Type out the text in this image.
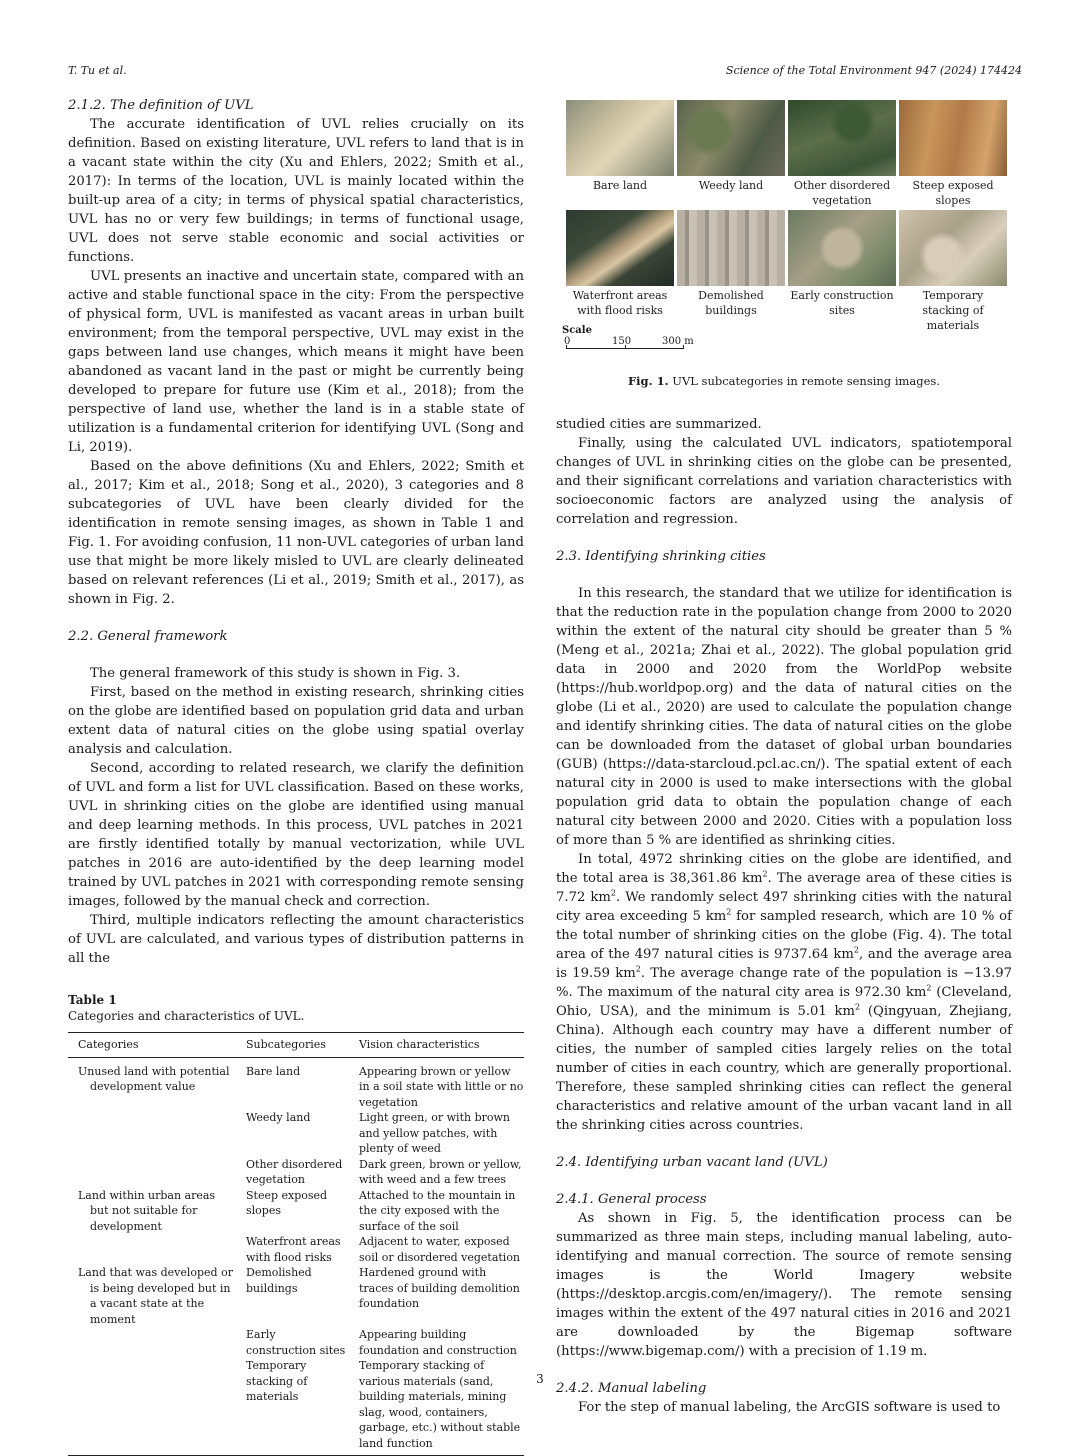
T. Tu et al.	Science of the Total Environment 947 (2024) 174424
2.1.2. The definition of UVL

The accurate identification of UVL relies crucially on its definition. Based on existing literature, UVL refers to land that is in a vacant state within the city (Xu and Ehlers, 2022; Smith et al., 2017): In terms of the location, UVL is mainly located within the built-up area of a city; in terms of physical spatial characteristics, UVL has no or very few buildings; in terms of functional usage, UVL does not serve stable economic and social activities or functions.

UVL presents an inactive and uncertain state, compared with an active and stable functional space in the city: From the perspective of physical form, UVL is manifested as vacant areas in urban built environment; from the temporal perspective, UVL may exist in the gaps between land use changes, which means it might have been abandoned as vacant land in the past or might be currently being developed to prepare for future use (Kim et al., 2018); from the perspective of land use, whether the land is in a stable state of utilization is a fundamental criterion for identifying UVL (Song and Li, 2019).

Based on the above definitions (Xu and Ehlers, 2022; Smith et al., 2017; Kim et al., 2018; Song et al., 2020), 3 categories and 8 subcategories of UVL have been clearly divided for the identification in remote sensing images, as shown in Table 1 and Fig. 1. For avoiding confusion, 11 non-UVL categories of urban land use that might be more likely misled to UVL are clearly delineated based on relevant references (Li et al., 2019; Smith et al., 2017), as shown in Fig. 2.

2.2. General framework

The general framework of this study is shown in Fig. 3.

First, based on the method in existing research, shrinking cities on the globe are identified based on population grid data and urban extent data of natural cities on the globe using spatial overlay analysis and calculation.

Second, according to related research, we clarify the definition of UVL and form a list for UVL classification. Based on these works, UVL in shrinking cities on the globe are identified using manual and deep learning methods. In this process, UVL patches in 2021 are firstly identified totally by manual vectorization, while UVL patches in 2016 are auto-identified by the deep learning model trained by UVL patches in 2021 with corresponding remote sensing images, followed by the manual check and correction.

Third, multiple indicators reflecting the amount characteristics of UVL are calculated, and various types of distribution patterns in all the

Table 1
Categories and characteristics of UVL.
Categories	Subcategories	Vision characteristics

Unused land with potential development value	Bare land	Appearing brown or yellow in a soil state with little or no vegetation

	Weedy land	Light green, or with brown and yellow patches, with plenty of weed

	Other disordered vegetation	Dark green, brown or yellow, with weed and a few trees

Land within urban areas but not suitable for development	Steep exposed slopes	Attached to the mountain in the city exposed with the surface of the soil

	Waterfront areas with flood risks	Adjacent to water, exposed soil or disordered vegetation

Land that was developed or is being developed but in a vacant state at the moment	Demolished buildings	Hardened ground with traces of building demolition foundation

	Early construction sites	Appearing building foundation and construction

	Temporary stacking of materials	Temporary stacking of various materials (sand, building materials, mining slag, wood, containers, garbage, etc.) without stable land function
Bare land	Weedy land	Other disordered vegetation
Steep exposed slopes
Waterfront areas with flood risks
Demolished buildings
Early construction sites
Temporary stacking of materials
Scale
0	150	300 m
Fig. 1. UVL subcategories in remote sensing images.

studied cities are summarized.

Finally, using the calculated UVL indicators, spatiotemporal changes of UVL in shrinking cities on the globe can be presented, and their significant correlations and variation characteristics with socioeconomic factors are analyzed using the analysis of correlation and regression.

2.3. Identifying shrinking cities

In this research, the standard that we utilize for identification is that the reduction rate in the population change from 2000 to 2020 within the extent of the natural city should be greater than 5 % (Meng et al., 2021a; Zhai et al., 2022). The global population grid data in 2000 and 2020 from the WorldPop website (https://hub.worldpop.org) and the data of natural cities on the globe (Li et al., 2020) are used to calculate the population change and identify shrinking cities. The data of natural cities on the globe can be downloaded from the dataset of global urban boundaries (GUB) (https://data-starcloud.pcl.ac.cn/). The spatial extent of each natural city in 2000 is used to make intersections with the global population grid data to obtain the population change of each natural city between 2000 and 2020. Cities with a population loss of more than 5 % are identified as shrinking cities.

In total, 4972 shrinking cities on the globe are identified, and the total area is 38,361.86 $km^2$. The average area of these cities is 7.72 $km^2$. We randomly select 497 shrinking cities with the natural city area exceeding 5 $km^2$ for sampled research, which are 10 % of the total number of shrinking cities on the globe (Fig. 4). The total area of the 497 natural cities is 9737.64 $km^2$, and the average area is 19.59 $km^2$. The average change rate of the population is −13.97 %. The maximum of the natural city area is 972.30 $km^2$ (Cleveland, Ohio, USA), and the minimum is 5.01 $km^2$ (Qingyuan, Zhejiang, China). Although each country may have a different number of cities, the number of sampled cities largely relies on the total number of cities in each country, which are generally proportional. Therefore, these sampled shrinking cities can reflect the general characteristics and relative amount of the urban vacant land in all the shrinking cities across countries.

2.4. Identifying urban vacant land (UVL)
2.4.1. General process

As shown in Fig. 5, the identification process can be summarized as three main steps, including manual labeling, auto-identifying and manual correction. The source of remote sensing images is the World Imagery website (https://desktop.arcgis.com/en/imagery/). The remote sensing images within the extent of the 497 natural cities in 2016 and 2021 are downloaded by the Bigemap software (https://www.bigemap.com/) with a precision of 1.19 m.

2.4.2. Manual labeling

For the step of manual labeling, the ArcGIS software is used to

3
